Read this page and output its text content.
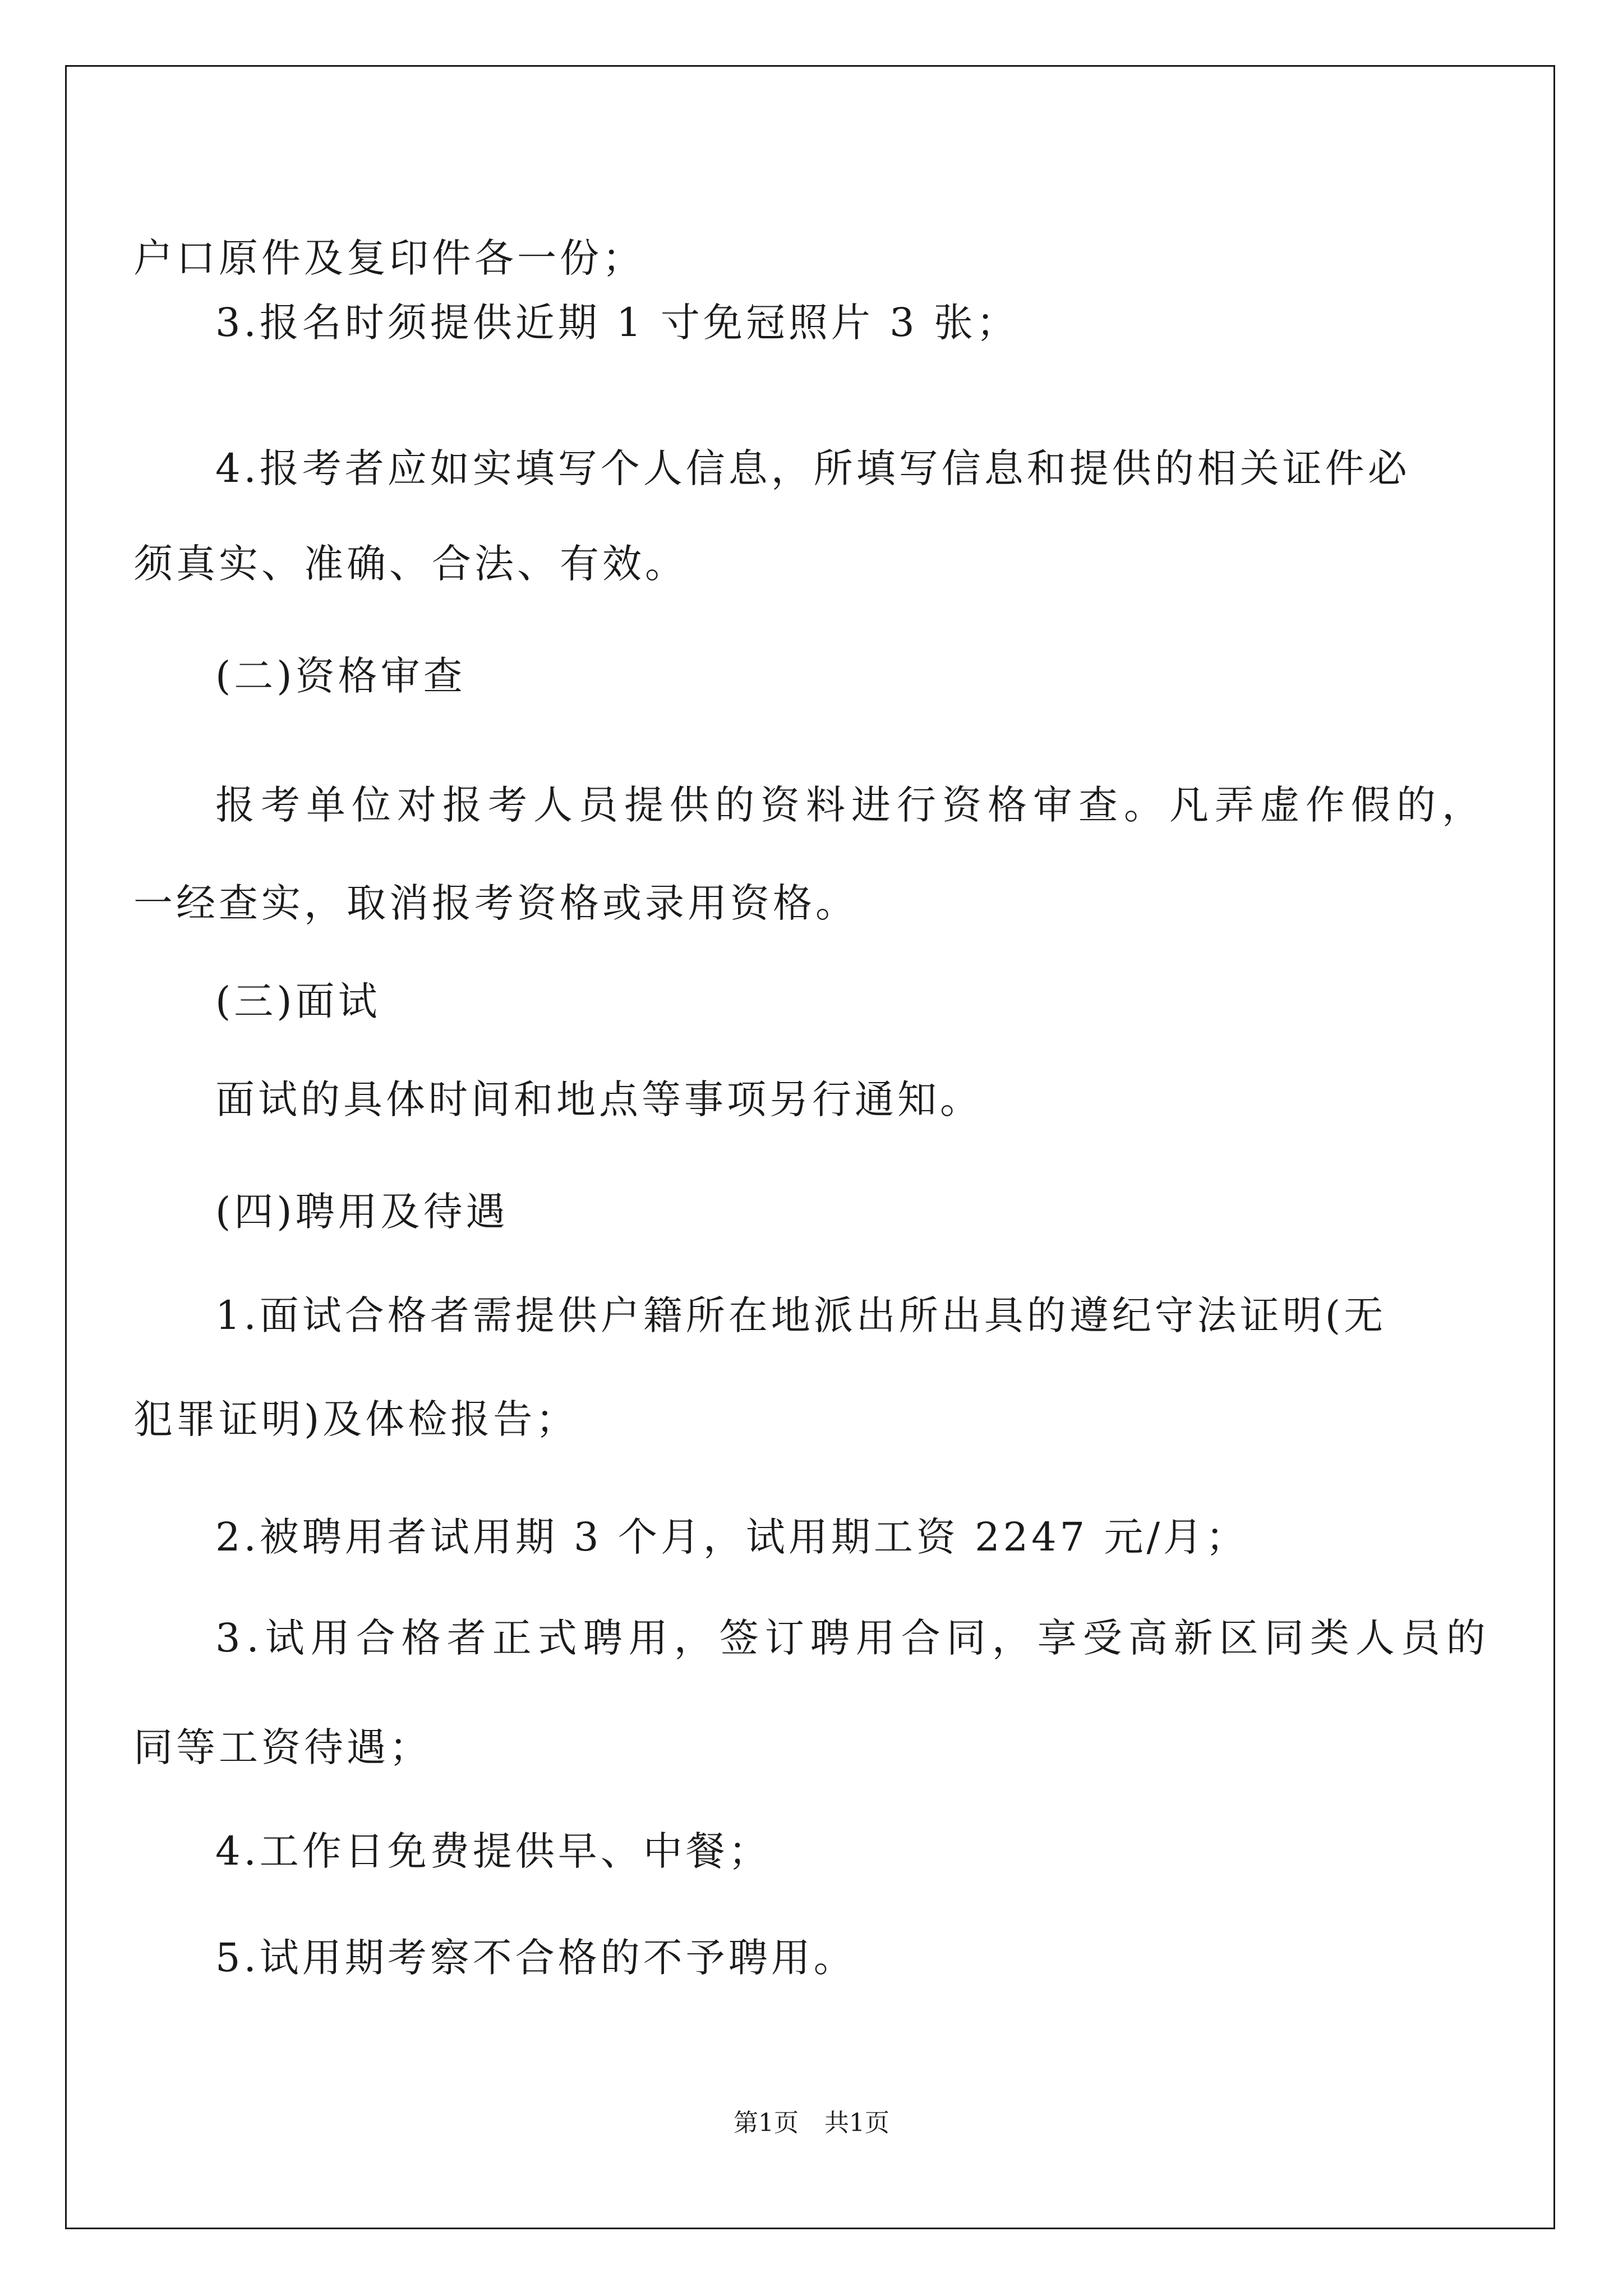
户口原件及复印件各一份；
3.报名时须提供近期 1 寸免冠照片 3 张；
4.报考者应如实填写个人信息，所填写信息和提供的相关证件必
须真实、准确、合法、有效。
(二)资格审查
报考单位对报考人员提供的资料进行资格审查。凡弄虚作假的，
一经查实，取消报考资格或录用资格。
(三)面试
面试的具体时间和地点等事项另行通知。
(四)聘用及待遇
1.面试合格者需提供户籍所在地派出所出具的遵纪守法证明(无
犯罪证明)及体检报告；
2.被聘用者试用期 3 个月，试用期工资 2247 元/月；
3.试用合格者正式聘用，签订聘用合同，享受高新区同类人员的
同等工资待遇；
4.工作日免费提供早、中餐；
5.试用期考察不合格的不予聘用。
第1页 共1页
